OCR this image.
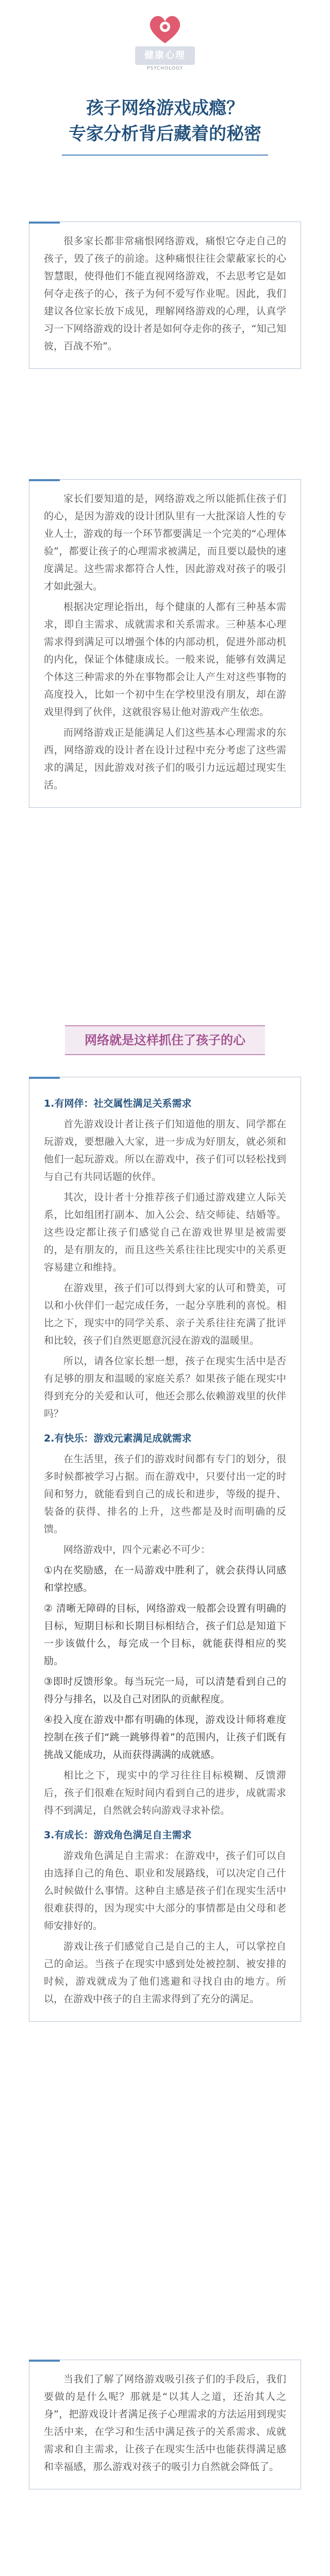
健康心理
PSYCHOLOGY
孩子网络游戏成瘾？
专家分析背后藏着的秘密

很多家长都非常痛恨网络游戏，痛恨它夺走自己的孩子，毁了孩子的前途。这种痛恨往往会蒙蔽家长的心智慧眼，使得他们不能直视网络游戏，不去思考它是如何夺走孩子的心，孩子为何不爱写作业呢。因此，我们建议各位家长放下成见，理解网络游戏的心理，认真学习一下网络游戏的设计者是如何夺走你的孩子，“知己知彼，百战不殆”。

家长们要知道的是，网络游戏之所以能抓住孩子们的心，是因为游戏的设计团队里有一大批深谙人性的专业人士，游戏的每一个环节都要满足一个完美的“心理体验”，都要让孩子的心理需求被满足，而且要以最快的速度满足。这些需求都符合人性，因此游戏对孩子的吸引才如此强大。

根据决定理论指出，每个健康的人都有三种基本需求，即自主需求、成就需求和关系需求。三种基本心理需求得到满足可以增强个体的内部动机，促进外部动机的内化，保证个体健康成长。一般来说，能够有效满足个体这三种需求的外在事物都会让人产生对这些事物的高度投入，比如一个初中生在学校里没有朋友，却在游戏里得到了伙伴，这就很容易让他对游戏产生依恋。

而网络游戏正是能满足人们这些基本心理需求的东西，网络游戏的设计者在设计过程中充分考虑了这些需求的满足，因此游戏对孩子们的吸引力远远超过现实生活。

网络就是这样抓住了孩子的心

1.有网伴：社交属性满足关系需求

首先游戏设计者让孩子们知道他的朋友、同学都在玩游戏，要想融入大家，进一步成为好朋友，就必须和他们一起玩游戏。所以在游戏中，孩子们可以轻松找到与自己有共同话题的伙伴。

其次，设计者十分推荐孩子们通过游戏建立人际关系，比如组团打副本、加入公会、结交师徒、结婚等。这些设定都让孩子们感觉自己在游戏世界里是被需要的，是有朋友的，而且这些关系往往比现实中的关系更容易建立和维持。

在游戏里，孩子们可以得到大家的认可和赞美，可以和小伙伴们一起完成任务，一起分享胜利的喜悦。相比之下，现实中的同学关系、亲子关系往往充满了批评和比较，孩子们自然更愿意沉浸在游戏的温暖里。

所以，请各位家长想一想，孩子在现实生活中是否有足够的朋友和温暖的家庭关系？如果孩子能在现实中得到充分的关爱和认可，他还会那么依赖游戏里的伙伴吗？

2.有快乐：游戏元素满足成就需求

在生活里，孩子们的游戏时间都有专门的划分，很多时候都被学习占据。而在游戏中，只要付出一定的时间和努力，就能看到自己的成长和进步，等级的提升、装备的获得、排名的上升，这些都是及时而明确的反馈。

网络游戏中，四个元素必不可少：

①内在奖励感，在一局游戏中胜利了，就会获得认同感和掌控感。

② 清晰无障碍的目标，网络游戏一般都会设置有明确的目标，短期目标和长期目标相结合，孩子们总是知道下一步该做什么，每完成一个目标，就能获得相应的奖励。

③即时反馈形象。每当玩完一局，可以清楚看到自己的得分与排名，以及自己对团队的贡献程度。

④投入度在游戏中都有明确的体现，游戏设计师将难度控制在孩子们“跳一跳够得着”的范围内，让孩子们既有挑战又能成功，从而获得满满的成就感。

相比之下，现实中的学习往往目标模糊、反馈滞后，孩子们很难在短时间内看到自己的进步，成就需求得不到满足，自然就会转向游戏寻求补偿。

3.有成长：游戏角色满足自主需求

游戏角色满足自主需求：在游戏中，孩子们可以自由选择自己的角色、职业和发展路线，可以决定自己什么时候做什么事情。这种自主感是孩子们在现实生活中很难获得的，因为现实中大部分的事情都是由父母和老师安排好的。

游戏让孩子们感觉自己是自己的主人，可以掌控自己的命运。当孩子在现实中感到处处被控制、被安排的时候，游戏就成为了他们逃避和寻找自由的地方。所以，在游戏中孩子的自主需求得到了充分的满足。

当我们了解了网络游戏吸引孩子们的手段后，我们要做的是什么呢？那就是“以其人之道，还治其人之身”，把游戏设计者满足孩子心理需求的方法运用到现实生活中来，在学习和生活中满足孩子的关系需求、成就需求和自主需求，让孩子在现实生活中也能获得满足感和幸福感，那么游戏对孩子的吸引力自然就会降低了。
